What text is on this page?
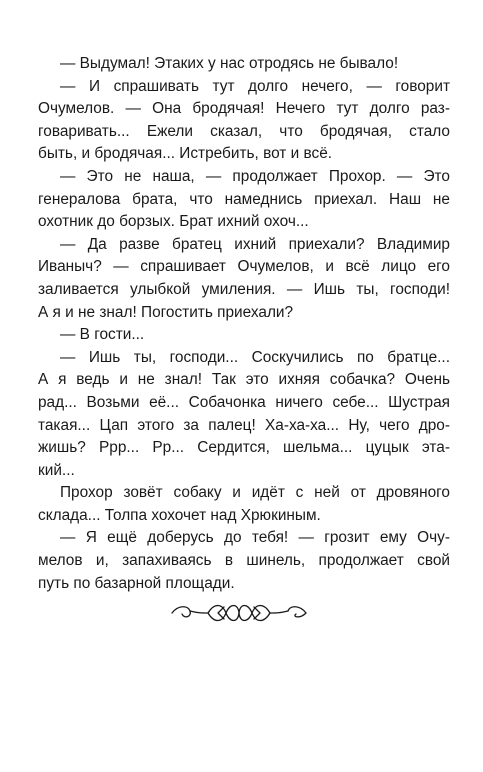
— Выдумал! Этаких у нас отродясь не бывало!
— И спрашивать тут долго нечего, — говорит
Очумелов. — Она бродячая! Нечего тут долго раз-
говаривать... Ежели сказал, что бродячая, стало
быть, и бродячая... Истребить, вот и всё.
— Это не наша, — продолжает Прохор. — Это
генералова брата, что намеднись приехал. Наш не
охотник до борзых. Брат ихний охоч...
— Да разве братец ихний приехали? Владимир
Иваныч? — спрашивает Очумелов, и всё лицо его
заливается улыбкой умиления. — Ишь ты, господи!
А я и не знал! Погостить приехали?
— В гости...
— Ишь ты, господи... Соскучились по братце...
А я ведь и не знал! Так это ихняя собачка? Очень
рад... Возьми её... Собачонка ничего себе... Шустрая
такая... Цап этого за палец! Ха-ха-ха... Ну, чего дро-
жишь? Ррр... Рр... Сердится, шельма... цуцык эта-
кий...
Прохор зовёт собаку и идёт с ней от дровяного
склада... Толпа хохочет над Хрюкиным.
— Я ещё доберусь до тебя! — грозит ему Очу-
мелов и, запахиваясь в шинель, продолжает свой
путь по базарной площади.
